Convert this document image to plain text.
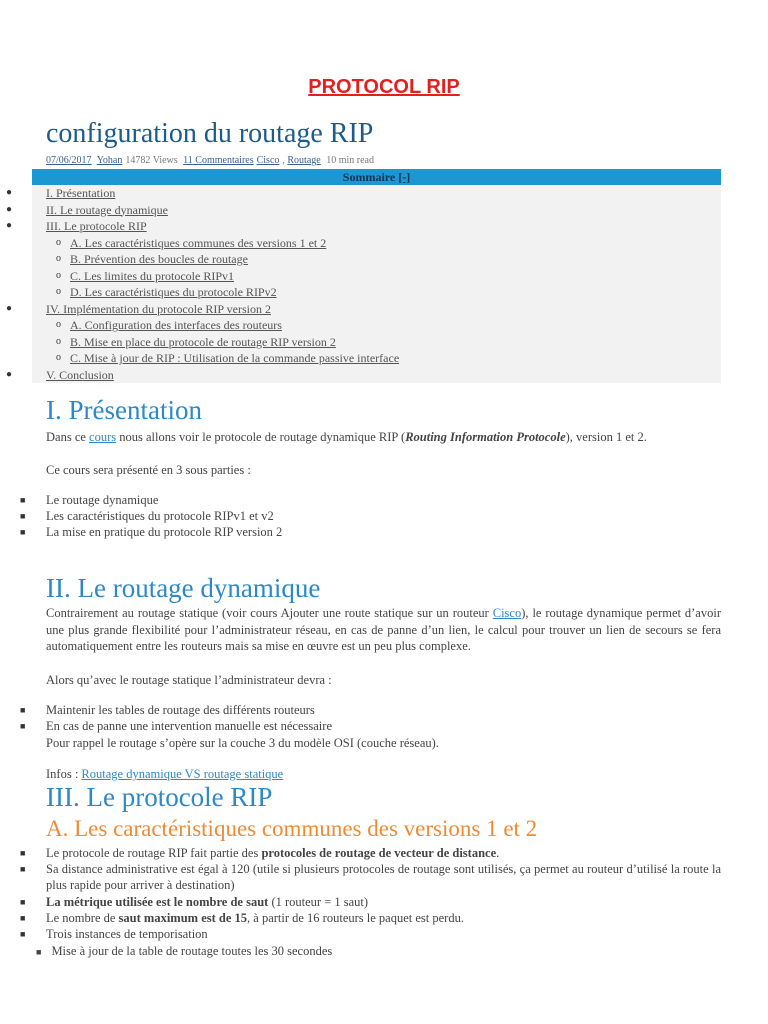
PROTOCOL RIP
configuration du routage RIP
07/06/2017 Yohan 14782 Views 11 Commentaires Cisco , Routage 10 min read
Sommaire [-]
●	I. Présentation
●	II. Le routage dynamique
●	III. Le protocole RIP
o A. Les caractéristiques communes des versions 1 et 2
o B. Prévention des boucles de routage
o C. Les limites du protocole RIPv1
o D. Les caractéristiques du protocole RIPv2
●	IV. Implémentation du protocole RIP version 2
o A. Configuration des interfaces des routeurs
o B. Mise en place du protocole de routage RIP version 2
o C. Mise à jour de RIP : Utilisation de la commande passive interface
●	V. Conclusion
I. Présentation
Dans ce cours nous allons voir le protocole de routage dynamique RIP (Routing Information Protocole), version 1 et 2.
Ce cours sera présenté en 3 sous parties :
■ Le routage dynamique
■ Les caractéristiques du protocole RIPv1 et v2
■ La mise en pratique du protocole RIP version 2
II. Le routage dynamique
Contrairement au routage statique (voir cours Ajouter une route statique sur un routeur Cisco), le routage dynamique permet d’avoir une plus grande flexibilité pour l’administrateur réseau, en cas de panne d’un lien, le calcul pour trouver un lien de secours se fera automatiquement entre les routeurs mais sa mise en œuvre est un peu plus complexe.
Alors qu’avec le routage statique l’administrateur devra :
■ Maintenir les tables de routage des différents routeurs
■ En cas de panne une intervention manuelle est nécessaire
Pour rappel le routage s’opère sur la couche 3 du modèle OSI (couche réseau).
Infos : Routage dynamique VS routage statique
III. Le protocole RIP
A. Les caractéristiques communes des versions 1 et 2
■ Le protocole de routage RIP fait partie des protocoles de routage de vecteur de distance.
■ Sa distance administrative est égal à 120 (utile si plusieurs protocoles de routage sont utilisés, ça permet au routeur d’utilisé la route la plus rapide pour arriver à destination)
■ La métrique utilisée est le nombre de saut (1 routeur = 1 saut)
■ Le nombre de saut maximum est de 15, à partir de 16 routeurs le paquet est perdu.
■ Trois instances de temporisation
■ Mise à jour de la table de routage toutes les 30 secondes
